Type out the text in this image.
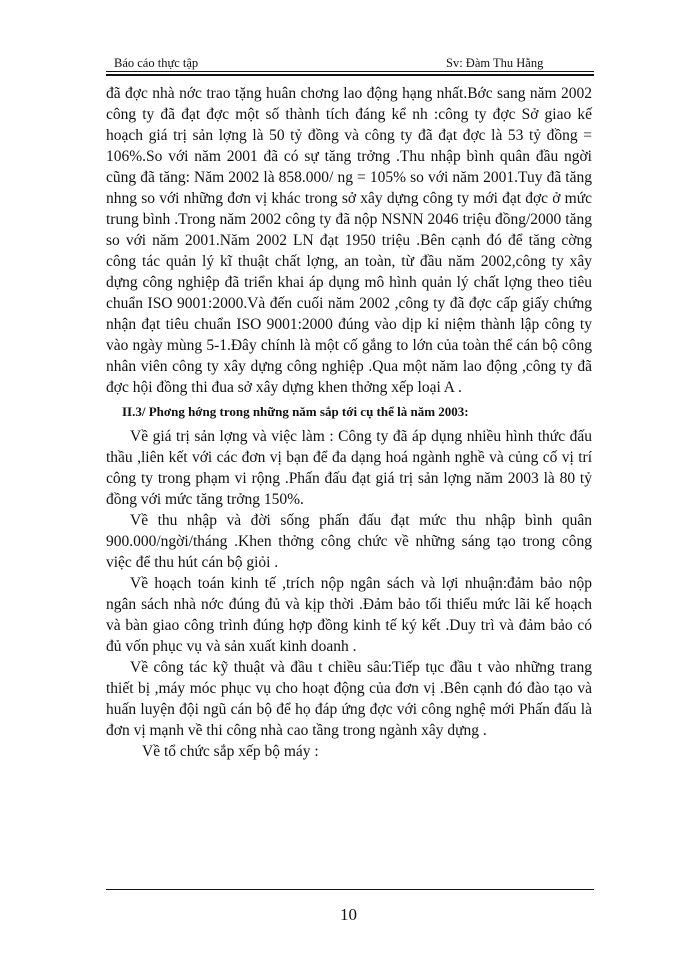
Báo cáo thực tập	Sv: Đàm Thu Hằng

đã đợc nhà nớc trao tặng huân chơng lao động hạng nhất.Bớc sang năm 2002 công ty đã đạt đợc một số thành tích đáng kể nh :công ty đợc Sở giao kế hoạch giá trị sản lợng là 50 tỷ đồng và công ty đã đạt đợc là 53 tỷ đồng = 106%.So với năm 2001 đã có sự tăng trởng .Thu nhập bình quân đầu ngời cũng đã tăng: Năm 2002 là 858.000/ ng = 105% so với năm 2001.Tuy đã tăng nhng so với những đơn vị khác trong sở xây dựng công ty mới đạt đợc ở mức trung bình .Trong năm 2002 công ty đã nộp NSNN 2046 triệu đồng/2000 tăng so với năm 2001.Năm 2002 LN đạt 1950 triệu .Bên cạnh đó để tăng cờng công tác quản lý kĩ thuật chất lợng, an toàn, từ đầu năm 2002,công ty xây dựng công nghiệp đã triển khai áp dụng mô hình quản lý chất lợng theo tiêu chuẩn ISO 9001:2000.Và đến cuối năm 2002 ,công ty đã đợc cấp giấy chứng nhận đạt tiêu chuẩn ISO 9001:2000 đúng vào dịp kỉ niệm thành lập công ty vào ngày mùng 5-1.Đây chính là một cố gắng to lớn của toàn thể cán bộ công nhân viên công ty xây dựng công nghiệp .Qua một năm lao động ,công ty đã đợc hội đồng thi đua sở xây dựng khen thởng xếp loại A .

II.3/ Phơng hớng trong những năm sắp tới cụ thể là năm 2003:

Về giá trị sản lợng và việc làm : Công ty đã áp dụng nhiều hình thức đấu thầu ,liên kết với các đơn vị bạn để đa dạng hoá ngành nghề và củng cố vị trí công ty trong phạm vi rộng .Phấn đấu đạt giá trị sản lợng năm 2003 là 80 tỷ đồng với mức tăng trởng 150%.

Về thu nhập và đời sống phấn đấu đạt mức thu nhập bình quân 900.000/ngời/tháng .Khen thởng công chức về những sáng tạo trong công việc để thu hút cán bộ giỏi .

Về hoạch toán kinh tế ,trích nộp ngân sách và lợi nhuận:đảm bảo nộp ngân sách nhà nớc đúng đủ và kịp thời .Đảm bảo tối thiểu mức lãi kế hoạch và bàn giao công trình đúng hợp đồng kinh tế ký kết .Duy trì và đảm bảo có đủ vốn phục vụ và sản xuất kinh doanh .

Về công tác kỹ thuật và đầu t chiều sâu:Tiếp tục đầu t vào những trang thiết bị ,máy móc phục vụ cho hoạt động của đơn vị .Bên cạnh đó đào tạo và huấn luyện đội ngũ cán bộ để họ đáp ứng đợc với công nghệ mới Phấn đấu là đơn vị mạnh về thi công nhà cao tầng trong ngành xây dựng .

Về tổ chức sắp xếp bộ máy :

10
